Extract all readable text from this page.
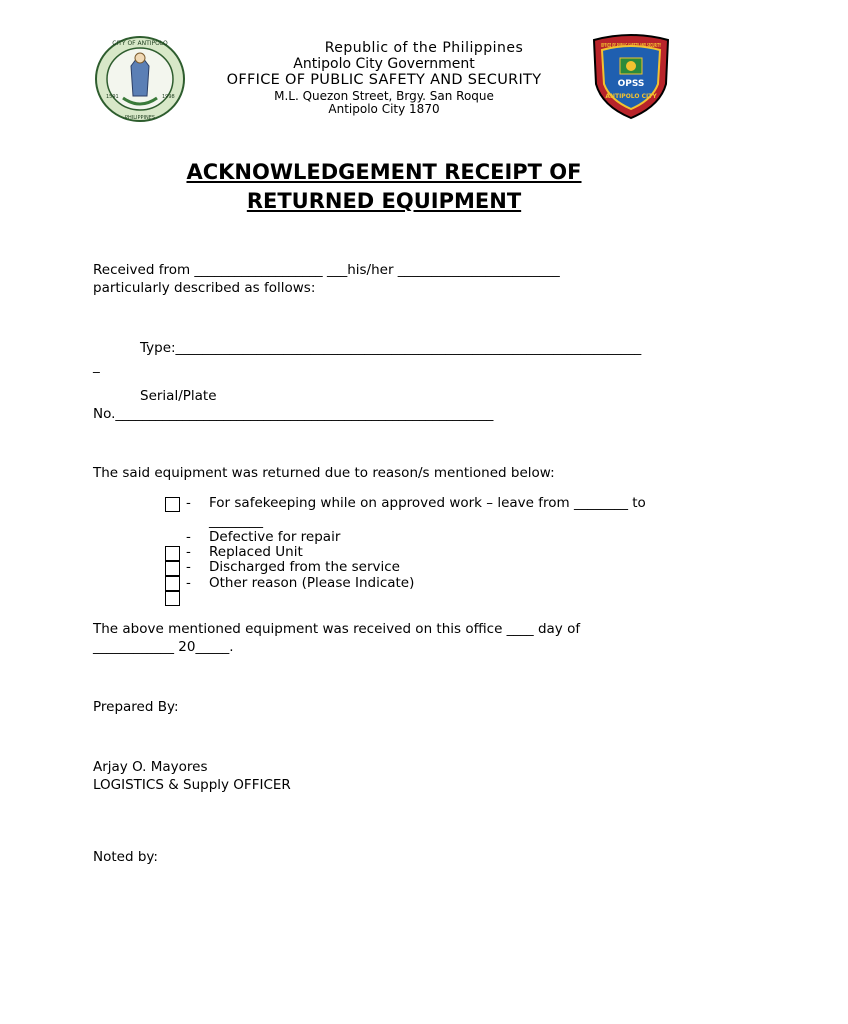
CITY OF ANTIPOLO
PHILIPPINES
1591	1998
OFFICE OF PUBLIC SAFETY AND SECURITY
OPSS
ANTIPOLO CITY
Republic of the Philippines
Antipolo City Government
OFFICE OF PUBLIC SAFETY AND SECURITY
M.L. Quezon Street, Brgy. San Roque
Antipolo City 1870
ACKNOWLEDGEMENT RECEIPT OF
RETURNED EQUIPMENT
Received from ___________________ ___his/her ________________________
particularly described as follows:
Type:_____________________________________________________________________
_
Serial/Plate
No.________________________________________________________
The said equipment was returned due to reason/s mentioned below:
- For safekeeping while on approved work – leave from ________ to
________
- Defective for repair
- Replaced Unit
- Discharged from the service
- Other reason (Please Indicate)
The above mentioned equipment was received on this office ____ day of
____________ 20_____.
Prepared By:
Arjay O. Mayores
LOGISTICS & Supply OFFICER
Noted by:
